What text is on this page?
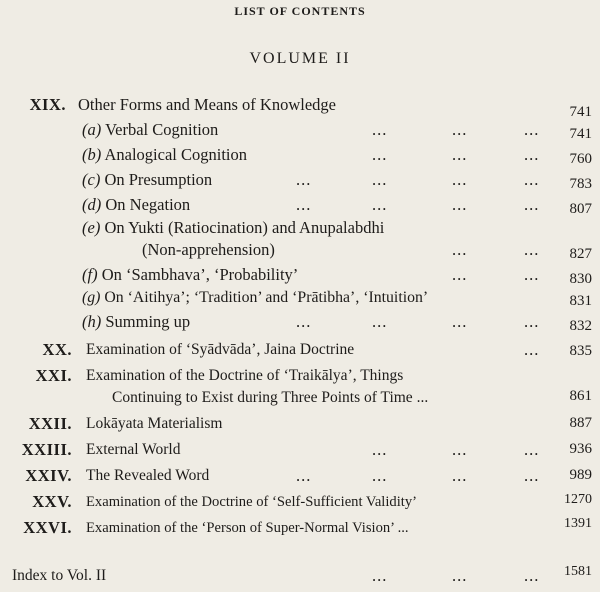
LIST OF CONTENTS
VOLUME II
XIX. Other Forms and Means of Knowledge	741
(a) Verbal Cognition	...	...	... 741
(b) Analogical Cognition	...	...	... 760
(c) On Presumption	...	...	...	... 783
(d) On Negation	...	...	...	... 807
(e) On Yukti (Ratiocination) and Anupalabdhi
(Non-apprehension)	...	... 827
(f) On ‘Sambhava’, ‘Probability’	...	... 830
(g) On ‘Aitihya’; ‘Tradition’ and ‘Prātibha’, ‘Intuition’	831
(h) Summing up	...	...	...	... 832
XX. Examination of ‘Syādvāda’, Jaina Doctrine	... 835
XXI. Examination of the Doctrine of ‘Traikālya’, Things
Continuing to Exist during Three Points of Time ...	861
XXII. Lokāyata Materialism	887
XXIII. External World	...	...	... 936
XXIV. The Revealed Word	...	...	...	... 989
XXV. Examination of the Doctrine of ‘Self-Sufficient Validity’	1270
XXVI. Examination of the ‘Person of Super-Normal Vision’ ...	1391
Index to Vol. II	...	...	... 1581
